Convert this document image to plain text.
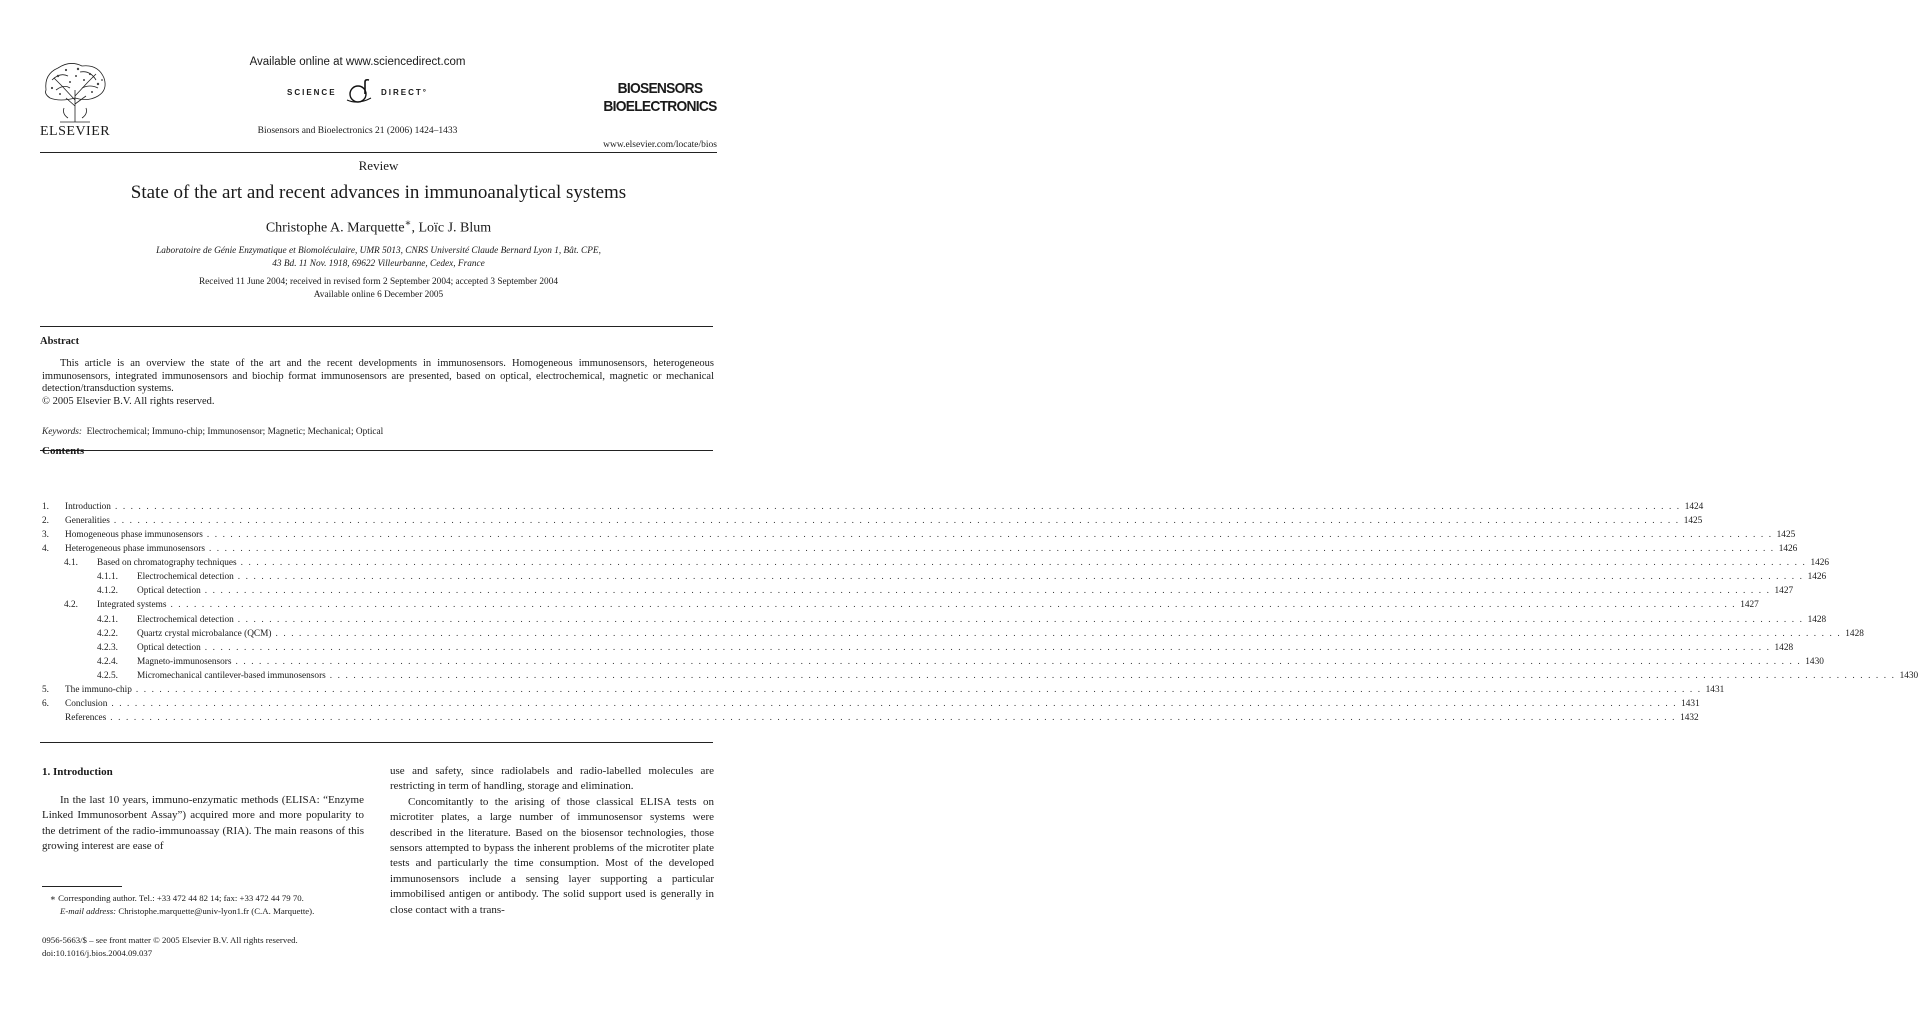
ELSEVIER
Available online at www.sciencedirect.com
SCIENCE	DIRECT°
Biosensors and Bioelectronics 21 (2006) 1424–1433
BIOSENSORS
BIOELECTRONICS
www.elsevier.com/locate/bios
Review
State of the art and recent advances in immunoanalytical systems
Christophe A. Marquette∗, Loïc J. Blum
Laboratoire de Génie Enzymatique et Biomoléculaire, UMR 5013, CNRS Université Claude Bernard Lyon 1, Bât. CPE,
43 Bd. 11 Nov. 1918, 69622 Villeurbanne, Cedex, France
Received 11 June 2004; received in revised form 2 September 2004; accepted 3 September 2004
Available online 6 December 2005
Abstract

This article is an overview the state of the art and the recent developments in immunosensors. Homogeneous immunosensors, heterogeneous immunosensors, integrated immunosensors and biochip format immunosensors are presented, based on optical, electrochemical, magnetic or mechanical detection/transduction systems.

© 2005 Elsevier B.V. All rights reserved.

Keywords: Electrochemical; Immuno-chip; Immunosensor; Magnetic; Mechanical; Optical
Contents
1. Introduction . . . . . . . . . . . . . . . . . . . . . . . . . . . . . . . . . . . . . . . . . . . . . . . . . . . . . . . . . . . . . . . . . . . . . . . . . . . . . . . . . . . . . . . . . . . . . . . . . . . . . . . . . . . . . . . . . . . . . . . . . . . . . . . . . . . . . . . . . . . . . . . . . . . . . . . . . . . . . . . . . . . . . . . . . . . . . . . . . . . . . . . . . . . . . . . . . . . . . . . . 1424
2. Generalities . . . . . . . . . . . . . . . . . . . . . . . . . . . . . . . . . . . . . . . . . . . . . . . . . . . . . . . . . . . . . . . . . . . . . . . . . . . . . . . . . . . . . . . . . . . . . . . . . . . . . . . . . . . . . . . . . . . . . . . . . . . . . . . . . . . . . . . . . . . . . . . . . . . . . . . . . . . . . . . . . . . . . . . . . . . . . . . . . . . . . . . . . . . . . . . . . . . . . . . . 1425
3. Homogeneous phase immunosensors . . . . . . . . . . . . . . . . . . . . . . . . . . . . . . . . . . . . . . . . . . . . . . . . . . . . . . . . . . . . . . . . . . . . . . . . . . . . . . . . . . . . . . . . . . . . . . . . . . . . . . . . . . . . . . . . . . . . . . . . . . . . . . . . . . . . . . . . . . . . . . . . . . . . . . . . . . . . . . . . . . . . . . . . . . . . . . . . . . . . . . . . . . . . . . . . . . . . . . . . 1425
4. Heterogeneous phase immunosensors . . . . . . . . . . . . . . . . . . . . . . . . . . . . . . . . . . . . . . . . . . . . . . . . . . . . . . . . . . . . . . . . . . . . . . . . . . . . . . . . . . . . . . . . . . . . . . . . . . . . . . . . . . . . . . . . . . . . . . . . . . . . . . . . . . . . . . . . . . . . . . . . . . . . . . . . . . . . . . . . . . . . . . . . . . . . . . . . . . . . . . . . . . . . . . . . . . . . . . . . 1426
4.1. Based on chromatography techniques . . . . . . . . . . . . . . . . . . . . . . . . . . . . . . . . . . . . . . . . . . . . . . . . . . . . . . . . . . . . . . . . . . . . . . . . . . . . . . . . . . . . . . . . . . . . . . . . . . . . . . . . . . . . . . . . . . . . . . . . . . . . . . . . . . . . . . . . . . . . . . . . . . . . . . . . . . . . . . . . . . . . . . . . . . . . . . . . . . . . . . . . . . . . . . . . . . . . . . . . 1426
4.1.1. Electrochemical detection . . . . . . . . . . . . . . . . . . . . . . . . . . . . . . . . . . . . . . . . . . . . . . . . . . . . . . . . . . . . . . . . . . . . . . . . . . . . . . . . . . . . . . . . . . . . . . . . . . . . . . . . . . . . . . . . . . . . . . . . . . . . . . . . . . . . . . . . . . . . . . . . . . . . . . . . . . . . . . . . . . . . . . . . . . . . . . . . . . . . . . . . . . . . . . . . . . . . . . . . 1426
4.1.2. Optical detection . . . . . . . . . . . . . . . . . . . . . . . . . . . . . . . . . . . . . . . . . . . . . . . . . . . . . . . . . . . . . . . . . . . . . . . . . . . . . . . . . . . . . . . . . . . . . . . . . . . . . . . . . . . . . . . . . . . . . . . . . . . . . . . . . . . . . . . . . . . . . . . . . . . . . . . . . . . . . . . . . . . . . . . . . . . . . . . . . . . . . . . . . . . . . . . . . . . . . . . . 1427
4.2. Integrated systems . . . . . . . . . . . . . . . . . . . . . . . . . . . . . . . . . . . . . . . . . . . . . . . . . . . . . . . . . . . . . . . . . . . . . . . . . . . . . . . . . . . . . . . . . . . . . . . . . . . . . . . . . . . . . . . . . . . . . . . . . . . . . . . . . . . . . . . . . . . . . . . . . . . . . . . . . . . . . . . . . . . . . . . . . . . . . . . . . . . . . . . . . . . . . . . . . . . . . . . . 1427
4.2.1. Electrochemical detection . . . . . . . . . . . . . . . . . . . . . . . . . . . . . . . . . . . . . . . . . . . . . . . . . . . . . . . . . . . . . . . . . . . . . . . . . . . . . . . . . . . . . . . . . . . . . . . . . . . . . . . . . . . . . . . . . . . . . . . . . . . . . . . . . . . . . . . . . . . . . . . . . . . . . . . . . . . . . . . . . . . . . . . . . . . . . . . . . . . . . . . . . . . . . . . . . . . . . . . . 1428
4.2.2. Quartz crystal microbalance (QCM) . . . . . . . . . . . . . . . . . . . . . . . . . . . . . . . . . . . . . . . . . . . . . . . . . . . . . . . . . . . . . . . . . . . . . . . . . . . . . . . . . . . . . . . . . . . . . . . . . . . . . . . . . . . . . . . . . . . . . . . . . . . . . . . . . . . . . . . . . . . . . . . . . . . . . . . . . . . . . . . . . . . . . . . . . . . . . . . . . . . . . . . . . . . . . . . . . . . . . . . . 1428
4.2.3. Optical detection . . . . . . . . . . . . . . . . . . . . . . . . . . . . . . . . . . . . . . . . . . . . . . . . . . . . . . . . . . . . . . . . . . . . . . . . . . . . . . . . . . . . . . . . . . . . . . . . . . . . . . . . . . . . . . . . . . . . . . . . . . . . . . . . . . . . . . . . . . . . . . . . . . . . . . . . . . . . . . . . . . . . . . . . . . . . . . . . . . . . . . . . . . . . . . . . . . . . . . . . 1428
4.2.4. Magneto-immunosensors . . . . . . . . . . . . . . . . . . . . . . . . . . . . . . . . . . . . . . . . . . . . . . . . . . . . . . . . . . . . . . . . . . . . . . . . . . . . . . . . . . . . . . . . . . . . . . . . . . . . . . . . . . . . . . . . . . . . . . . . . . . . . . . . . . . . . . . . . . . . . . . . . . . . . . . . . . . . . . . . . . . . . . . . . . . . . . . . . . . . . . . . . . . . . . . . . . . . . . . . 1430
4.2.5. Micromechanical cantilever-based immunosensors . . . . . . . . . . . . . . . . . . . . . . . . . . . . . . . . . . . . . . . . . . . . . . . . . . . . . . . . . . . . . . . . . . . . . . . . . . . . . . . . . . . . . . . . . . . . . . . . . . . . . . . . . . . . . . . . . . . . . . . . . . . . . . . . . . . . . . . . . . . . . . . . . . . . . . . . . . . . . . . . . . . . . . . . . . . . . . . . . . . . . . . . . . . . . . . . . . . . . . . . 1430
5. The immuno-chip . . . . . . . . . . . . . . . . . . . . . . . . . . . . . . . . . . . . . . . . . . . . . . . . . . . . . . . . . . . . . . . . . . . . . . . . . . . . . . . . . . . . . . . . . . . . . . . . . . . . . . . . . . . . . . . . . . . . . . . . . . . . . . . . . . . . . . . . . . . . . . . . . . . . . . . . . . . . . . . . . . . . . . . . . . . . . . . . . . . . . . . . . . . . . . . . . . . . . . . . 1431
6. Conclusion . . . . . . . . . . . . . . . . . . . . . . . . . . . . . . . . . . . . . . . . . . . . . . . . . . . . . . . . . . . . . . . . . . . . . . . . . . . . . . . . . . . . . . . . . . . . . . . . . . . . . . . . . . . . . . . . . . . . . . . . . . . . . . . . . . . . . . . . . . . . . . . . . . . . . . . . . . . . . . . . . . . . . . . . . . . . . . . . . . . . . . . . . . . . . . . . . . . . . . . . 1431
References . . . . . . . . . . . . . . . . . . . . . . . . . . . . . . . . . . . . . . . . . . . . . . . . . . . . . . . . . . . . . . . . . . . . . . . . . . . . . . . . . . . . . . . . . . . . . . . . . . . . . . . . . . . . . . . . . . . . . . . . . . . . . . . . . . . . . . . . . . . . . . . . . . . . . . . . . . . . . . . . . . . . . . . . . . . . . . . . . . . . . . . . . . . . . . . . . . . . . . . . 1432
1. Introduction

In the last 10 years, immuno-enzymatic methods (ELISA: “Enzyme Linked Immunosorbent Assay”) acquired more and more popularity to the detriment of the radio-immunoassay (RIA). The main reasons of this growing interest are ease of

use and safety, since radiolabels and radio-labelled molecules are restricting in term of handling, storage and elimination.

Concomitantly to the arising of those classical ELISA tests on microtiter plates, a large number of immunosensor systems were described in the literature. Based on the biosensor technologies, those sensors attempted to bypass the inherent problems of the microtiter plate tests and particularly the time consumption. Most of the developed immunosensors include a sensing layer supporting a particular immobilised antigen or antibody. The solid support used is generally in close contact with a trans-

∗ Corresponding author. Tel.: +33 472 44 82 14; fax: +33 472 44 79 70.
E-mail address: Christophe.marquette@univ-lyon1.fr (C.A. Marquette).
0956-5663/$ – see front matter © 2005 Elsevier B.V. All rights reserved.
doi:10.1016/j.bios.2004.09.037
